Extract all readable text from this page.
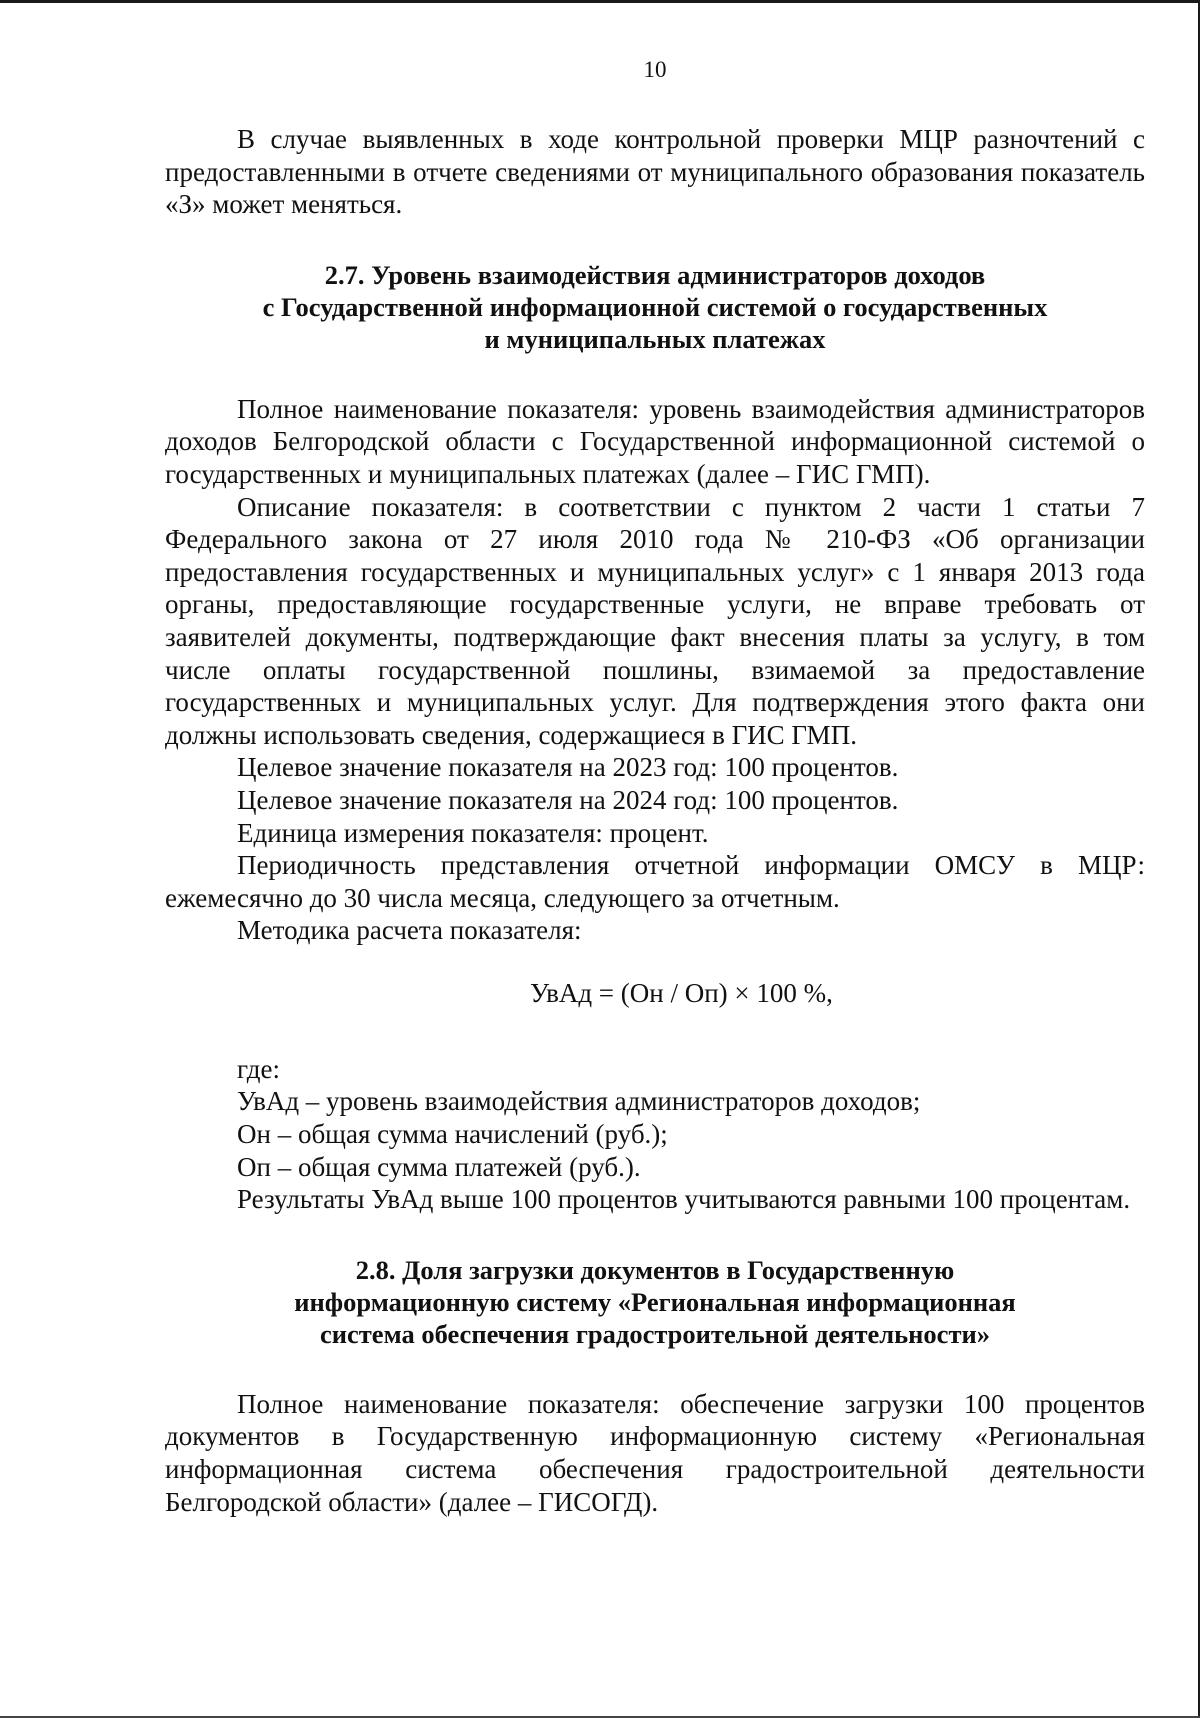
10

В случае выявленных в ходе контрольной проверки МЦР разночтений с предоставленными в отчете сведениями от муниципального образования показатель «З» может меняться.

2.7. Уровень взаимодействия администраторов доходов

с Государственной информационной системой о государственных

и муниципальных платежах

Полное наименование показателя: уровень взаимодействия администраторов доходов Белгородской области с Государственной информационной системой о государственных и муниципальных платежах (далее – ГИС ГМП).

Описание показателя: в соответствии с пунктом 2 части 1 статьи 7 Федерального закона от 27 июля 2010 года № 210-ФЗ «Об организации предоставления государственных и муниципальных услуг» с 1 января 2013 года органы, предоставляющие государственные услуги, не вправе требовать от заявителей документы, подтверждающие факт внесения платы за услугу, в том числе оплаты государственной пошлины, взимаемой за предоставление государственных и муниципальных услуг. Для подтверждения этого факта они должны использовать сведения, содержащиеся в ГИС ГМП.

Целевое значение показателя на 2023 год: 100 процентов.

Целевое значение показателя на 2024 год: 100 процентов.

Единица измерения показателя: процент.

Периодичность представления отчетной информации ОМСУ в МЦР: ежемесячно до 30 числа месяца, следующего за отчетным.

Методика расчета показателя:

УвАд = (Он / Оп) × 100 %,

где:

УвАд – уровень взаимодействия администраторов доходов;

Он – общая сумма начислений (руб.);

Оп – общая сумма платежей (руб.).

Результаты УвАд выше 100 процентов учитываются равными 100 процентам.

2.8. Доля загрузки документов в Государственную

информационную систему «Региональная информационная

система обеспечения градостроительной деятельности»

Полное наименование показателя: обеспечение загрузки 100 процентов документов в Государственную информационную систему «Региональная информационная система обеспечения градостроительной деятельности Белгородской области» (далее – ГИСОГД).
